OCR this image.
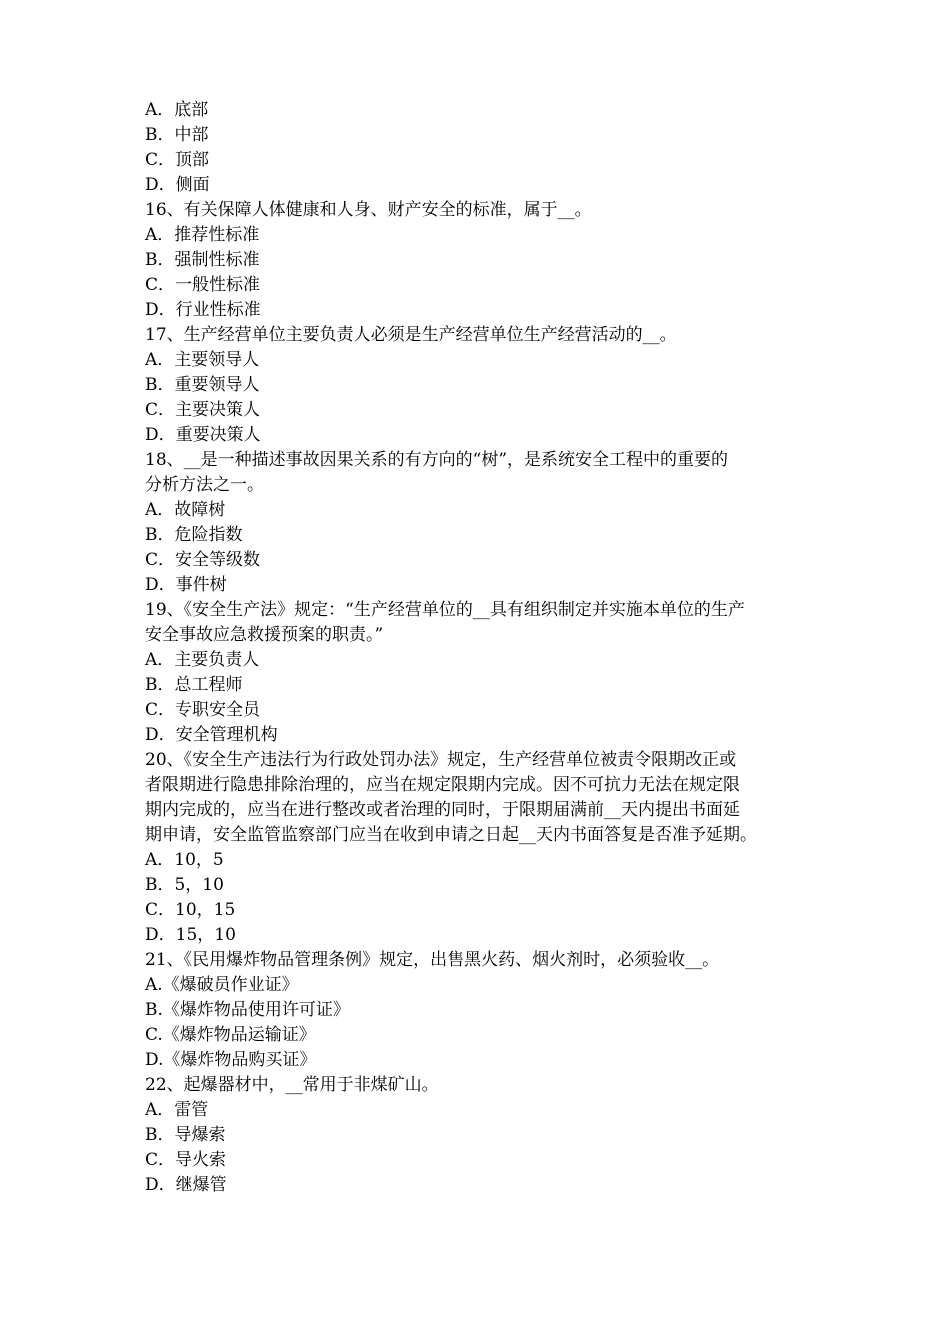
A．底部
B．中部
C．顶部
D．侧面
16、有关保障人体健康和人身、财产安全的标准，属于__。
A．推荐性标准
B．强制性标准
C．一般性标准
D．行业性标准
17、生产经营单位主要负责人必须是生产经营单位生产经营活动的__。
A．主要领导人
B．重要领导人
C．主要决策人
D．重要决策人
18、__是一种描述事故因果关系的有方向的“树”，是系统安全工程中的重要的
分析方法之一。
A．故障树
B．危险指数
C．安全等级数
D．事件树
19、《安全生产法》规定：“生产经营单位的__具有组织制定并实施本单位的生产
安全事故应急救援预案的职责。”
A．主要负责人
B．总工程师
C．专职安全员
D．安全管理机构
20、《安全生产违法行为行政处罚办法》规定，生产经营单位被责令限期改正或
者限期进行隐患排除治理的，应当在规定限期内完成。因不可抗力无法在规定限
期内完成的，应当在进行整改或者治理的同时，于限期届满前__天内提出书面延
期申请，安全监管监察部门应当在收到申请之日起__天内书面答复是否准予延期。
A．10，5
B．5，10
C．10，15
D．15，10
21、《民用爆炸物品管理条例》规定，出售黑火药、烟火剂时，必须验收__。
A.《爆破员作业证》
B.《爆炸物品使用许可证》
C.《爆炸物品运输证》
D.《爆炸物品购买证》
22、起爆器材中，__常用于非煤矿山。
A．雷管
B．导爆索
C．导火索
D．继爆管
